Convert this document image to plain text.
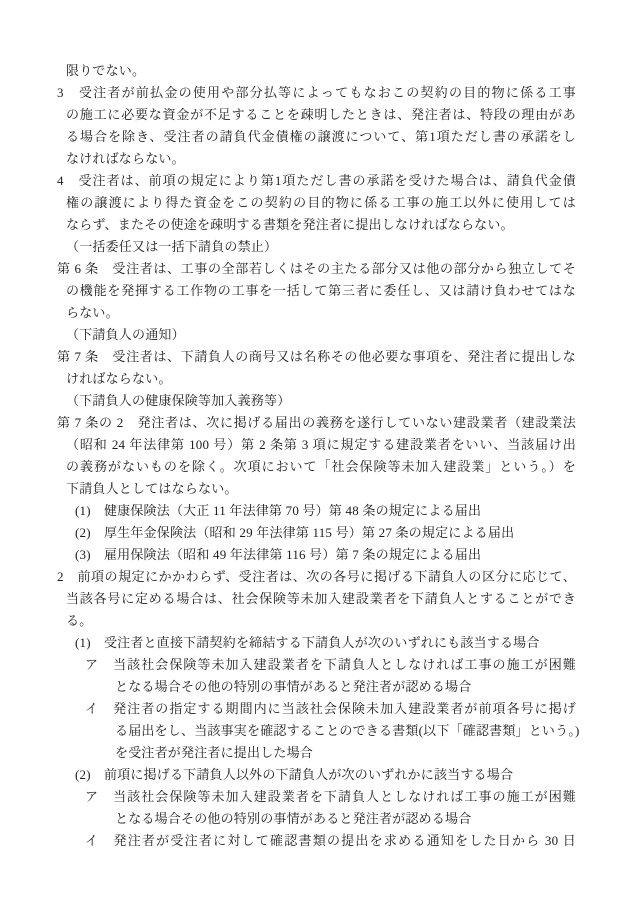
限りでない。
3　受注者が前払金の使用や部分払等によってもなおこの契約の目的物に係る工事
の施工に必要な資金が不足することを疎明したときは、発注者は、特段の理由があ
る場合を除き、受注者の請負代金債権の譲渡について、第1項ただし書の承諾をし
なければならない。
4　受注者は、前項の規定により第1項ただし書の承諾を受けた場合は、請負代金債
権の譲渡により得た資金をこの契約の目的物に係る工事の施工以外に使用しては
ならず、またその使途を疎明する書類を発注者に提出しなければならない。
（一括委任又は一括下請負の禁止）
第 6 条　受注者は、工事の全部若しくはその主たる部分又は他の部分から独立してそ
の機能を発揮する工作物の工事を一括して第三者に委任し、又は請け負わせてはな
らない。
（下請負人の通知）
第 7 条　受注者は、下請負人の商号又は名称その他必要な事項を、発注者に提出しな
ければならない。
（下請負人の健康保険等加入義務等）
第 7 条の 2　発注者は、次に掲げる届出の義務を遂行していない建設業者（建設業法
（昭和 24 年法律第 100 号）第 2 条第 3 項に規定する建設業者をいい、当該届け出
の義務がないものを除く。次項において「社会保険等未加入建設業」という。）を
下請負人としてはならない。
(1)　健康保険法（大正 11 年法律第 70 号）第 48 条の規定による届出
(2)　厚生年金保険法（昭和 29 年法律第 115 号）第 27 条の規定による届出
(3)　雇用保険法（昭和 49 年法律第 116 号）第 7 条の規定による届出
2　前項の規定にかかわらず、受注者は、次の各号に掲げる下請負人の区分に応じて、
当該各号に定める場合は、社会保険等未加入建設業者を下請負人とすることができ
る。
(1)　受注者と直接下請契約を締結する下請負人が次のいずれにも該当する場合
ア　当該社会保険等未加入建設業者を下請負人としなければ工事の施工が困難
となる場合その他の特別の事情があると発注者が認める場合
イ　発注者の指定する期間内に当該社会保険未加入建設業者が前項各号に掲げ
る届出をし、当該事実を確認することのできる書類(以下「確認書類」という。)
を受注者が発注者に提出した場合
(2)　前項に掲げる下請負人以外の下請負人が次のいずれかに該当する場合
ア　当該社会保険等未加入建設業者を下請負人としなければ工事の施工が困難
となる場合その他の特別の事情があると発注者が認める場合
イ　発注者が受注者に対して確認書類の提出を求める通知をした日から 30 日
